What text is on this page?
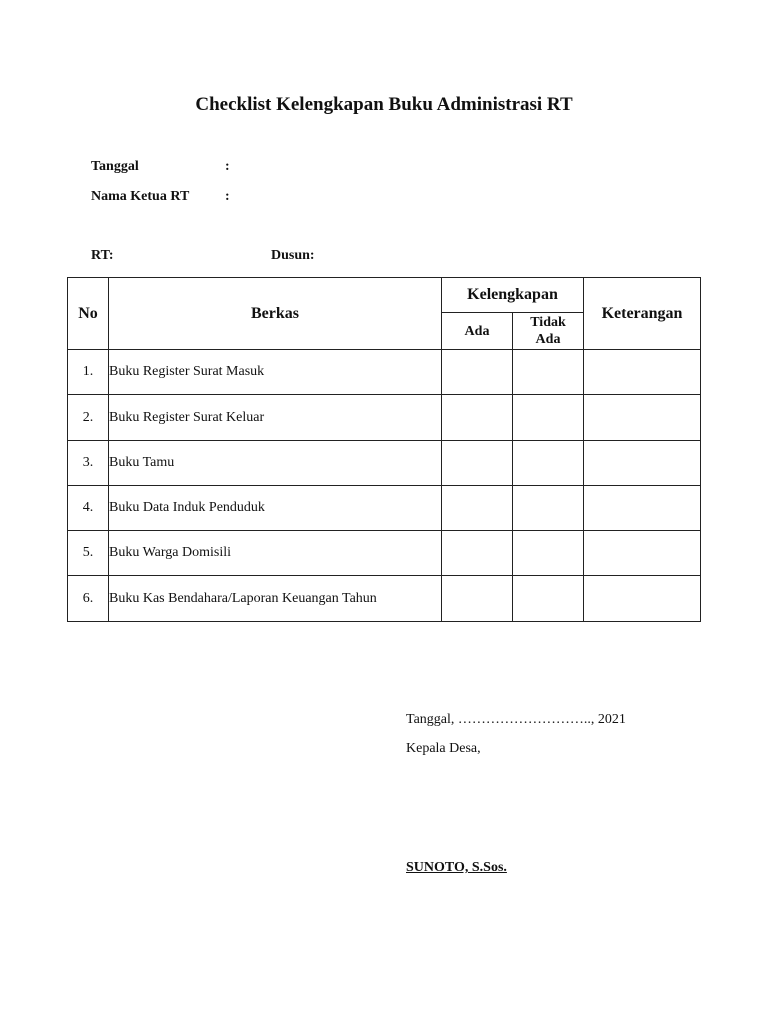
Checklist Kelengkapan Buku Administrasi RT
Tanggal	:
Nama Ketua RT	:
RT:	Dusun:
No	Berkas	Kelengkapan		Keterangan
		Ada	Tidak
Ada	
1.	Buku Register Surat Masuk			
2.	Buku Register Surat Keluar			
3.	Buku Tamu			
4.	Buku Data Induk Penduduk			
5.	Buku Warga Domisili			
6.	Buku Kas Bendahara/Laporan Keuangan Tahun			
Tanggal, ……………………….., 2021
Kepala Desa,
SUNOTO, S.Sos.
